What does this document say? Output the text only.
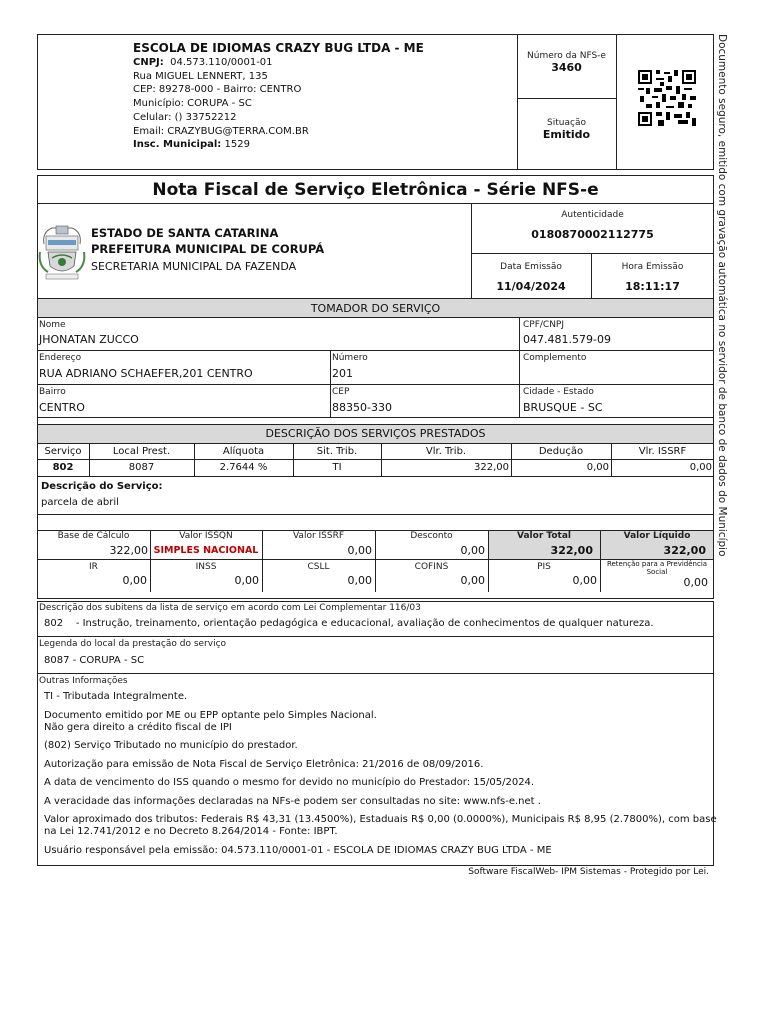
ESCOLA DE IDIOMAS CRAZY BUG LTDA - ME
CNPJ: 04.573.110/0001-01
Rua MIGUEL LENNERT, 135
CEP: 89278-000 - Bairro: CENTRO
Município: CORUPA - SC
Celular: () 33752212
Email: CRAZYBUG@TERRA.COM.BR
Insc. Municipal: 1529
Número da NFS-e
3460
Situação
Emitido	Documento seguro, emitido com gravação automática no servidor de banco de dados do Município
Nota Fiscal de Serviço Eletrônica - Série NFS-e
ESTADO DE SANTA CATARINA
PREFEITURA MUNICIPAL DE CORUPÁ
SECRETARIA MUNICIPAL DA FAZENDA
Autenticidade
0180870002112775
Data Emissão
11/04/2024
Hora Emissão
18:11:17
TOMADOR DO SERVIÇO
Nome
JHONATAN ZUCCO
CPF/CNPJ
047.481.579-09
Endereço
RUA ADRIANO SCHAEFER,201 CENTRO
Número
201
Complemento
Bairro
CENTRO
CEP
88350-330
Cidade - Estado
BRUSQUE - SC
DESCRIÇÃO DOS SERVIÇOS PRESTADOS
Serviço	Local Prest.	Alíquota	Sit. Trib.	Vlr. Trib.	Dedução	Vlr. ISSRF
802	8087	2.7644 %	TI	322,00	0,00	0,00
Descrição do Serviço:
parcela de abril
Base de Cálculo
322,00
Valor ISSQN
SIMPLES NACIONAL
Valor ISSRF
0,00
Desconto
0,00
Valor Total
322,00
Valor Líquido
322,00
IR
0,00
INSS
0,00
CSLL
0,00
COFINS
0,00
PIS
0,00
Retenção para a Previdência Social
0,00
Descrição dos subitens da lista de serviço em acordo com Lei Complementar 116/03
802 - Instrução, treinamento, orientação pedagógica e educacional, avaliação de conhecimentos de qualquer natureza.
Legenda do local da prestação do serviço
8087 - CORUPA - SC
Outras Informações
TI - Tributada Integralmente.
Documento emitido por ME ou EPP optante pelo Simples Nacional.
Não gera direito a crédito fiscal de IPI
(802) Serviço Tributado no município do prestador.
Autorização para emissão de Nota Fiscal de Serviço Eletrônica: 21/2016 de 08/09/2016.
A data de vencimento do ISS quando o mesmo for devido no município do Prestador: 15/05/2024.
A veracidade das informações declaradas na NFs-e podem ser consultadas no site: www.nfs-e.net .
Valor aproximado dos tributos: Federais R$ 43,31 (13.4500%), Estaduais R$ 0,00 (0.0000%), Municipais R$ 8,95 (2.7800%), com base
na Lei 12.741/2012 e no Decreto 8.264/2014 - Fonte: IBPT.
Usuário responsável pela emissão: 04.573.110/0001-01 - ESCOLA DE IDIOMAS CRAZY BUG LTDA - ME
Software FiscalWeb- IPM Sistemas - Protegido por Lei.
